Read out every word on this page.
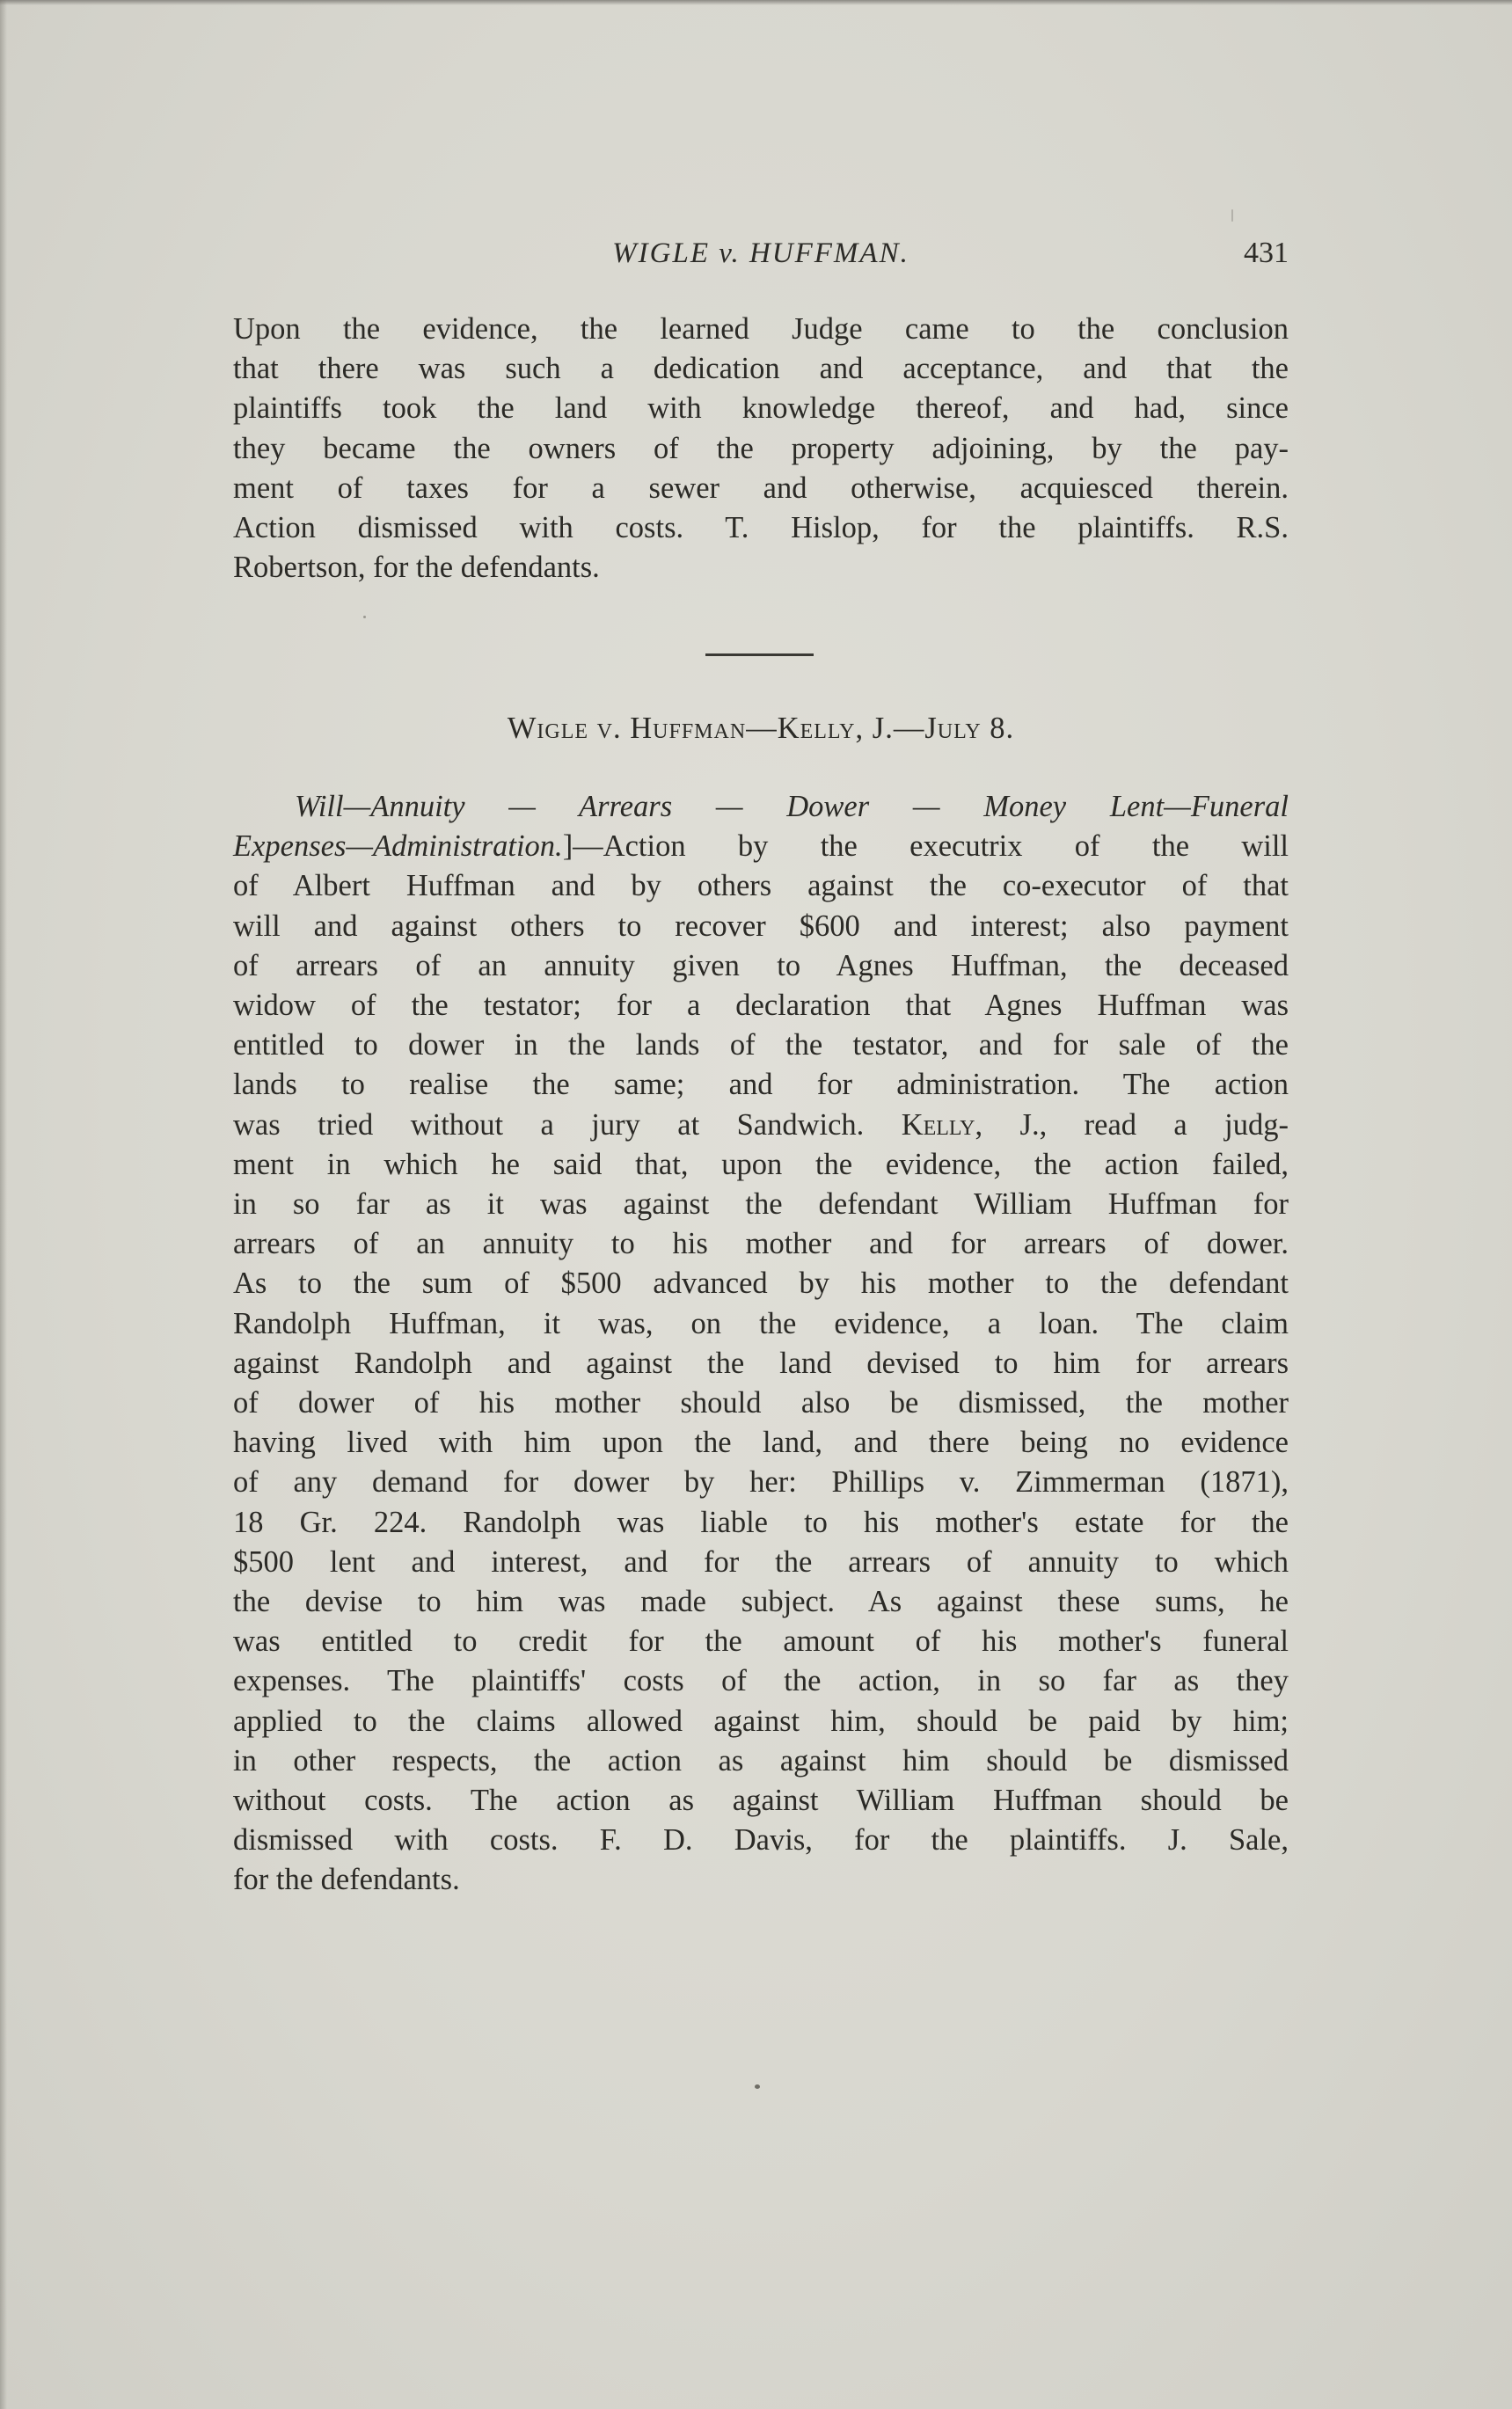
WIGLE v. HUFFMAN.	431
Upon the evidence, the learned Judge came to the conclusion
that there was such a dedication and acceptance, and that the
plaintiffs took the land with knowledge thereof, and had, since
they became the owners of the property adjoining, by the pay-
ment of taxes for a sewer and otherwise, acquiesced therein.
Action dismissed with costs. T. Hislop, for the plaintiffs. R.S.
Robertson, for the defendants.
Wigle v. Huffman—Kelly, J.—July 8.
Will—Annuity — Arrears — Dower — Money Lent—Funeral
Expenses—Administration.]—Action by the executrix of the will
of Albert Huffman and by others against the co-executor of that
will and against others to recover $600 and interest; also payment
of arrears of an annuity given to Agnes Huffman, the deceased
widow of the testator; for a declaration that Agnes Huffman was
entitled to dower in the lands of the testator, and for sale of the
lands to realise the same; and for administration. The action
was tried without a jury at Sandwich. Kelly, J., read a judg-
ment in which he said that, upon the evidence, the action failed,
in so far as it was against the defendant William Huffman for
arrears of an annuity to his mother and for arrears of dower.
As to the sum of $500 advanced by his mother to the defendant
Randolph Huffman, it was, on the evidence, a loan. The claim
against Randolph and against the land devised to him for arrears
of dower of his mother should also be dismissed, the mother
having lived with him upon the land, and there being no evidence
of any demand for dower by her: Phillips v. Zimmerman (1871),
18 Gr. 224. Randolph was liable to his mother's estate for the
$500 lent and interest, and for the arrears of annuity to which
the devise to him was made subject. As against these sums, he
was entitled to credit for the amount of his mother's funeral
expenses. The plaintiffs' costs of the action, in so far as they
applied to the claims allowed against him, should be paid by him;
in other respects, the action as against him should be dismissed
without costs. The action as against William Huffman should be
dismissed with costs. F. D. Davis, for the plaintiffs. J. Sale,
for the defendants.
